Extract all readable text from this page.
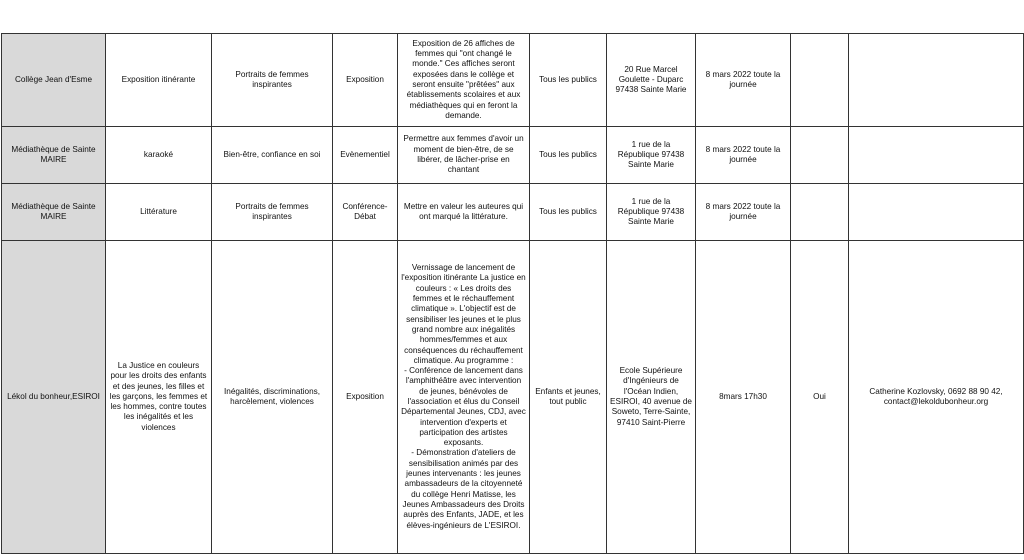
Collège Jean d'Esme	Exposition itinérante	Portraits de femmes inspirantes	Exposition	Exposition de 26 affiches de femmes qui "ont changé le monde." Ces affiches seront exposées dans le collège et seront ensuite "prêtées" aux établissements scolaires et aux médiathèques qui en feront la demande.	Tous les publics	20 Rue Marcel Goulette - Duparc 97438 Sainte Marie	8 mars 2022 toute la journée		
Médiathèque de Sainte MAIRE	karaoké	Bien-être, confiance en soi	Evènementiel	Permettre aux femmes d'avoir un moment de bien-être, de se libérer, de lâcher-prise en chantant	Tous les publics	1 rue de la République 97438 Sainte Marie	8 mars 2022 toute la journée		
Médiathèque de Sainte MAIRE	Littérature	Portraits de femmes inspirantes	Conférence-Débat	Mettre en valeur les auteures qui ont marqué la littérature.	Tous les publics	1 rue de la République 97438 Sainte Marie	8 mars 2022 toute la journée		
Lékol du bonheur,ESIROI	La Justice en couleurs pour les droits des enfants et des jeunes, les filles et les garçons, les femmes et les hommes, contre toutes les inégalités et les violences	Inégalités, discriminations, harcèlement, violences	Exposition	Vernissage de lancement de l'exposition itinérante La justice en couleurs : « Les droits des femmes et le réchauffement climatique ». L'objectif est de sensibiliser les jeunes et le plus grand nombre aux inégalités hommes/femmes et aux conséquences du réchauffement climatique. Au programme :
- Conférence de lancement dans l'amphithéâtre avec intervention de jeunes, bénévoles de l'association et élus du Conseil Départemental Jeunes, CDJ, avec intervention d'experts et participation des artistes exposants.
- Démonstration d'ateliers de sensibilisation animés par des jeunes intervenants : les jeunes ambassadeurs de la citoyenneté du collège Henri Matisse, les Jeunes Ambassadeurs des Droits auprès des Enfants, JADE, et les élèves-ingénieurs de L'ESIROI.	Enfants et jeunes, tout public	Ecole Supérieure d'Ingénieurs de l'Océan Indien, ESIROI, 40 avenue de Soweto, Terre-Sainte, 97410 Saint-Pierre	8mars 17h30	Oui	Catherine Kozlovsky, 0692 88 90 42, contact@lekoldubonheur.org
